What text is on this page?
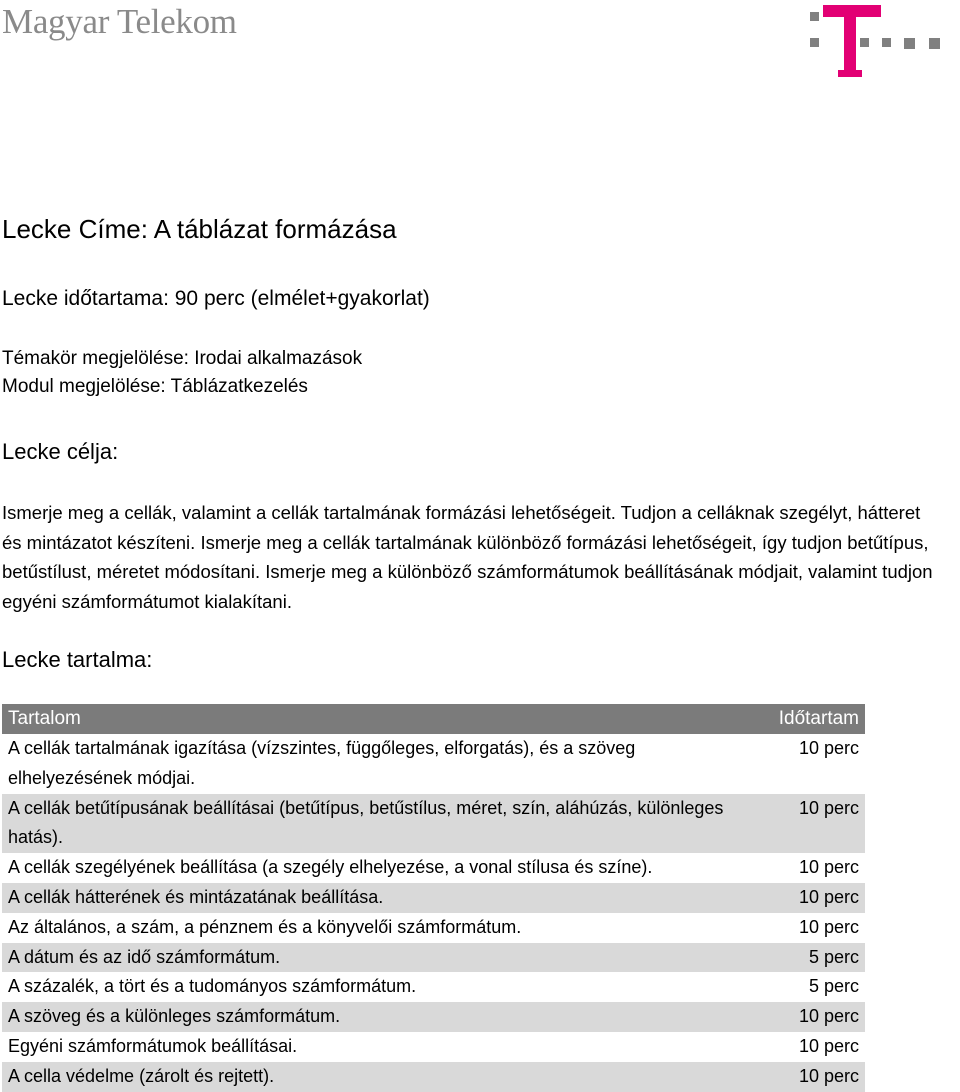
Magyar Telekom
Lecke Címe: A táblázat formázása
Lecke időtartama: 90 perc (elmélet+gyakorlat)
Témakör megjelölése: Irodai alkalmazások
Modul megjelölése: Táblázatkezelés
Lecke célja:
Ismerje meg a cellák, valamint a cellák tartalmának formázási lehetőségeit. Tudjon a celláknak szegélyt, hátteret és mintázatot készíteni. Ismerje meg a cellák tartalmának különböző formázási lehetőségeit, így tudjon betűtípus, betűstílust, méretet módosítani. Ismerje meg a különböző számformátumok beállításának módjait, valamint tudjon egyéni számformátumot kialakítani.
Lecke tartalma:
Tartalom	Időtartam
A cellák tartalmának igazítása (vízszintes, függőleges, elforgatás), és a szöveg elhelyezésének módjai.	10 perc
A cellák betűtípusának beállításai (betűtípus, betűstílus, méret, szín, aláhúzás, különleges hatás).	10 perc
A cellák szegélyének beállítása (a szegély elhelyezése, a vonal stílusa és színe).	10 perc
A cellák hátterének és mintázatának beállítása.	10 perc
Az általános, a szám, a pénznem és a könyvelői számformátum.	10 perc
A dátum és az idő számformátum.	5 perc
A százalék, a tört és a tudományos számformátum.	5 perc
A szöveg és a különleges számformátum.	10 perc
Egyéni számformátumok beállításai.	10 perc
A cella védelme (zárolt és rejtett).	10 perc
